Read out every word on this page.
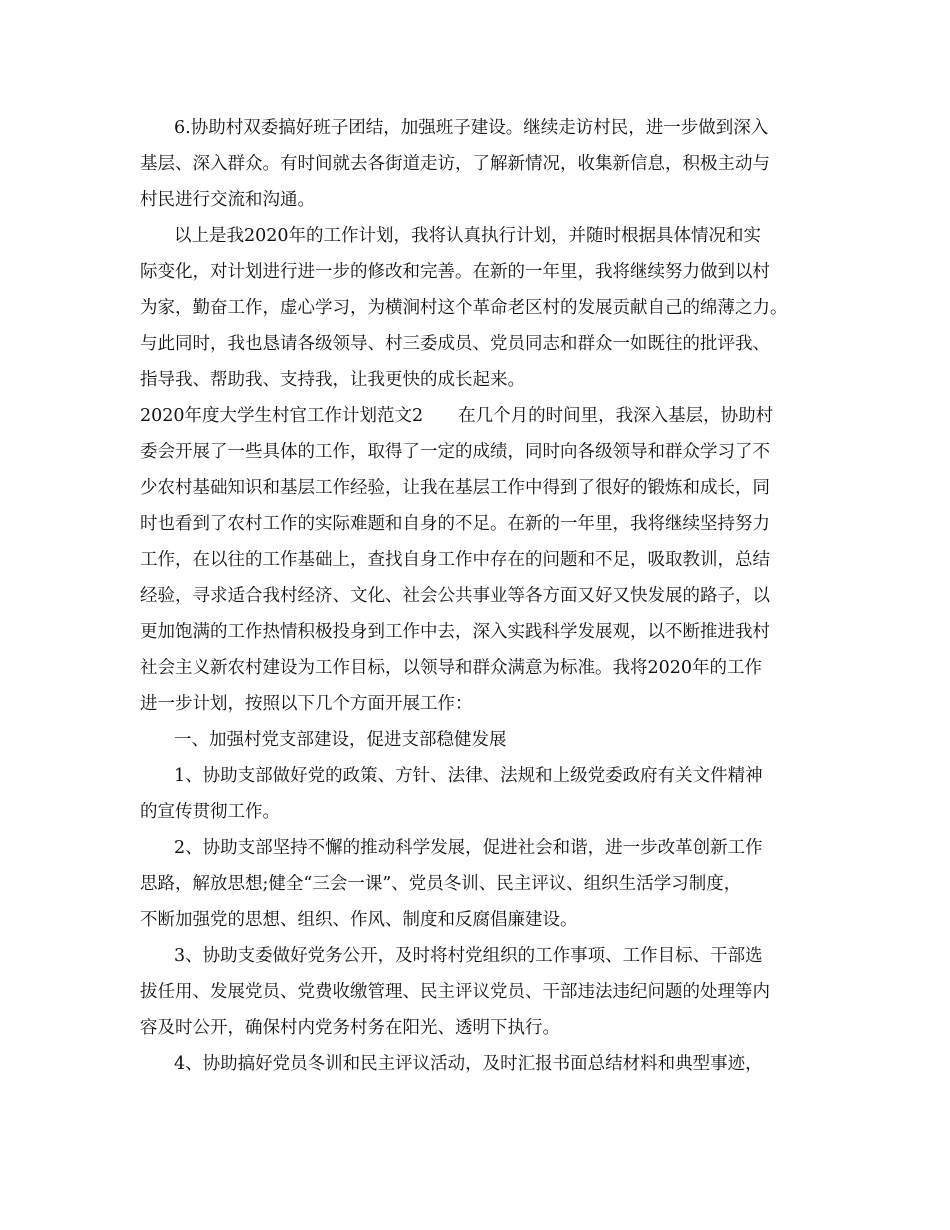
6.协助村双委搞好班子团结，加强班子建设。继续走访村民，进一步做到深入
基层、深入群众。有时间就去各街道走访，了解新情况，收集新信息，积极主动与
村民进行交流和沟通。
以上是我2020年的工作计划，我将认真执行计划，并随时根据具体情况和实
际变化，对计划进行进一步的修改和完善。在新的一年里，我将继续努力做到以村
为家，勤奋工作，虚心学习，为横涧村这个革命老区村的发展贡献自己的绵薄之力。
与此同时，我也恳请各级领导、村三委成员、党员同志和群众一如既往的批评我、
指导我、帮助我、支持我，让我更快的成长起来。
2020年度大学生村官工作计划范文2　　在几个月的时间里，我深入基层，协助村
委会开展了一些具体的工作，取得了一定的成绩，同时向各级领导和群众学习了不
少农村基础知识和基层工作经验，让我在基层工作中得到了很好的锻炼和成长，同
时也看到了农村工作的实际难题和自身的不足。在新的一年里，我将继续坚持努力
工作，在以往的工作基础上，查找自身工作中存在的问题和不足，吸取教训，总结
经验，寻求适合我村经济、文化、社会公共事业等各方面又好又快发展的路子，以
更加饱满的工作热情积极投身到工作中去，深入实践科学发展观，以不断推进我村
社会主义新农村建设为工作目标，以领导和群众满意为标准。我将2020年的工作
进一步计划，按照以下几个方面开展工作：
一、加强村党支部建设，促进支部稳健发展
1、协助支部做好党的政策、方针、法律、法规和上级党委政府有关文件精神
的宣传贯彻工作。
2、协助支部坚持不懈的推动科学发展，促进社会和谐，进一步改革创新工作
思路，解放思想;健全“三会一课”、党员冬训、民主评议、组织生活学习制度，
不断加强党的思想、组织、作风、制度和反腐倡廉建设。
3、协助支委做好党务公开，及时将村党组织的工作事项、工作目标、干部选
拔任用、发展党员、党费收缴管理、民主评议党员、干部违法违纪问题的处理等内
容及时公开，确保村内党务村务在阳光、透明下执行。
4、协助搞好党员冬训和民主评议活动，及时汇报书面总结材料和典型事迹，
